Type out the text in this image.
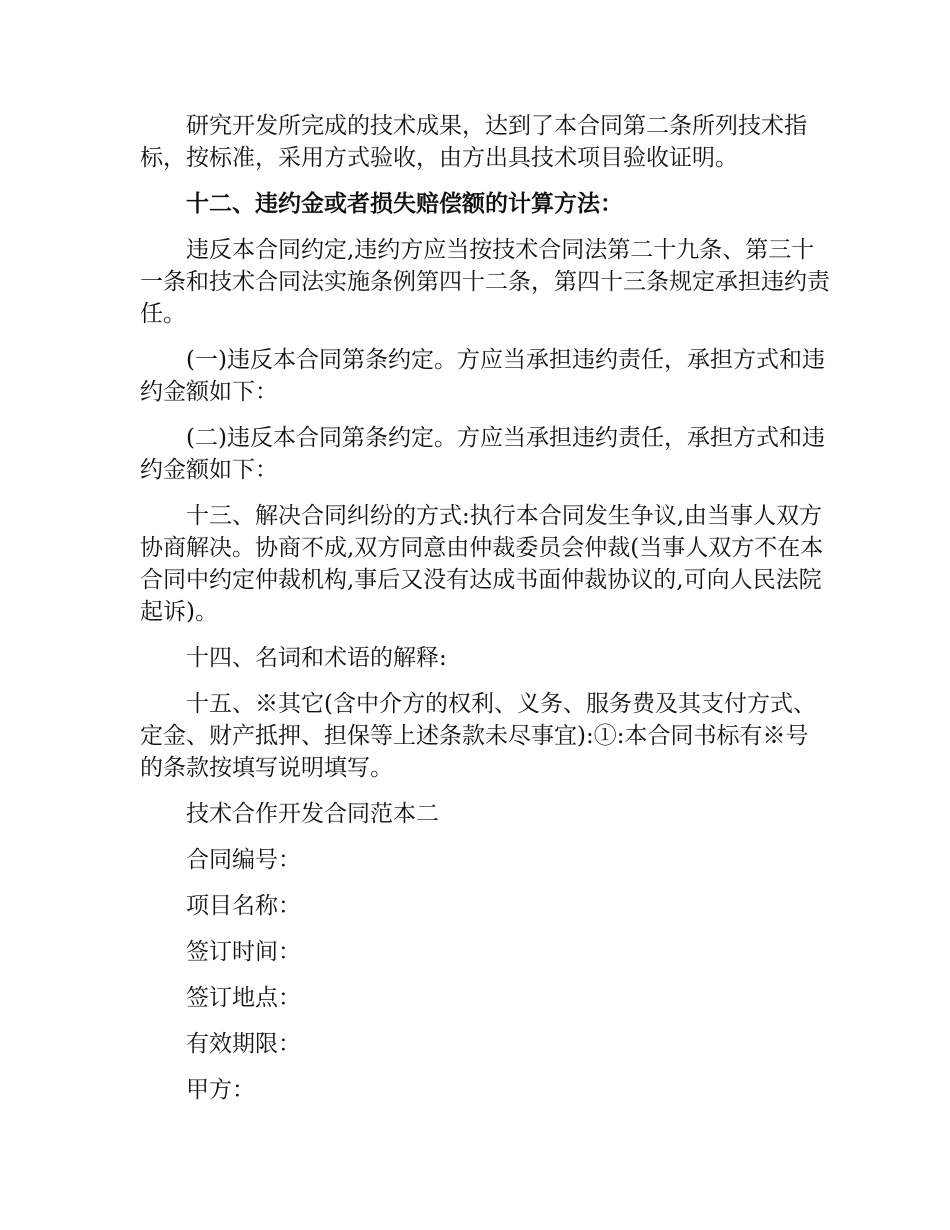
研究开发所完成的技术成果，达到了本合同第二条所列技术指标，按标准，采用方式验收，由方出具技术项目验收证明。

十二、违约金或者损失赔偿额的计算方法：

违反本合同约定,违约方应当按技术合同法第二十九条、第三十一条和技术合同法实施条例第四十二条，第四十三条规定承担违约责任。

(一)违反本合同第条约定。方应当承担违约责任，承担方式和违约金额如下：

(二)违反本合同第条约定。方应当承担违约责任，承担方式和违约金额如下：

十三、解决合同纠纷的方式:执行本合同发生争议,由当事人双方协商解决。协商不成,双方同意由仲裁委员会仲裁(当事人双方不在本合同中约定仲裁机构,事后又没有达成书面仲裁协议的,可向人民法院起诉)。

十四、名词和术语的解释:

十五、※其它(含中介方的权利、义务、服务费及其支付方式、定金、财产抵押、担保等上述条款未尽事宜):①:本合同书标有※号的条款按填写说明填写。

技术合作开发合同范本二

合同编号：

项目名称：

签订时间：

签订地点：

有效期限：

甲方：
